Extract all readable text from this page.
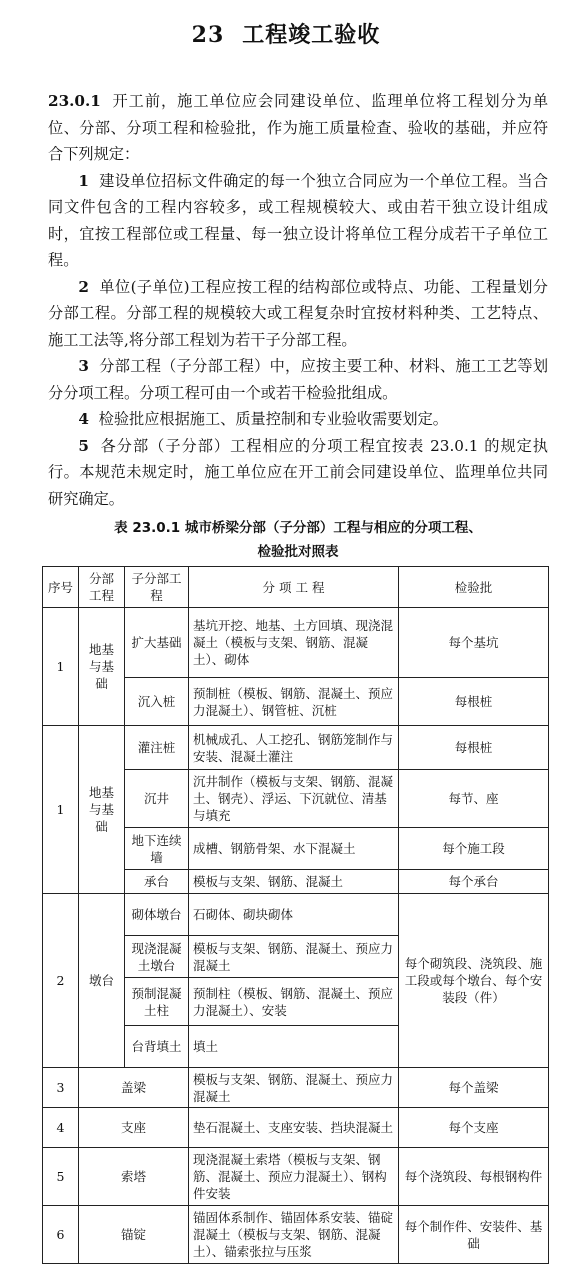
23 工程竣工验收

23.0.1 开工前，施工单位应会同建设单位、监理单位将工程划分为单位、分部、分项工程和检验批，作为施工质量检查、验收的基础，并应符合下列规定：

1 建设单位招标文件确定的每一个独立合同应为一个单位工程。当合同文件包含的工程内容较多，或工程规模较大、或由若干独立设计组成时，宜按工程部位或工程量、每一独立设计将单位工程分成若干子单位工程。

2 单位(子单位)工程应按工程的结构部位或特点、功能、工程量划分分部工程。分部工程的规模较大或工程复杂时宜按材料种类、工艺特点、施工工法等,将分部工程划为若干子分部工程。

3 分部工程（子分部工程）中，应按主要工种、材料、施工工艺等划分分项工程。分项工程可由一个或若干检验批组成。

4 检验批应根据施工、质量控制和专业验收需要划定。

5 各分部（子分部）工程相应的分项工程宜按表 23.0.1 的规定执行。本规范未规定时，施工单位应在开工前会同建设单位、监理单位共同研究确定。

表 23.0.1 城市桥梁分部（子分部）工程与相应的分项工程、
检验批对照表
序号	分部工程	子分部工程	分 项 工 程	检验批
1	地基与基础	扩大基础	基坑开挖、地基、土方回填、现浇混凝土（模板与支架、钢筋、混凝土）、砌体	每个基坑
		沉入桩	预制桩（模板、钢筋、混凝土、预应力混凝土）、钢管桩、沉桩	每根桩
1	地基与基础	灌注桩	机械成孔、人工挖孔、钢筋笼制作与安装、混凝土灌注	每根桩
		沉井	沉井制作（模板与支架、钢筋、混凝土、钢壳）、浮运、下沉就位、清基与填充	每节、座
		地下连续墙	成槽、钢筋骨架、水下混凝土	每个施工段
		承台	模板与支架、钢筋、混凝土	每个承台
2	墩台	砌体墩台	石砌体、砌块砌体	每个砌筑段、浇筑段、施工段或每个墩台、每个安装段（件）
		现浇混凝土墩台	模板与支架、钢筋、混凝土、预应力混凝土	
		预制混凝土柱	预制柱（模板、钢筋、混凝土、预应力混凝土）、安装	
		台背填土	填土	
3	盖梁		模板与支架、钢筋、混凝土、预应力混凝土	每个盖梁
4	支座		垫石混凝土、支座安装、挡块混凝土	每个支座
5	索塔		现浇混凝土索塔（模板与支架、钢筋、混凝土、预应力混凝土）、钢构件安装	每个浇筑段、每根钢构件
6	锚锭		锚固体系制作、锚固体系安装、锚碇混凝土（模板与支架、钢筋、混凝土）、锚索张拉与压浆	每个制作件、安装件、基础
